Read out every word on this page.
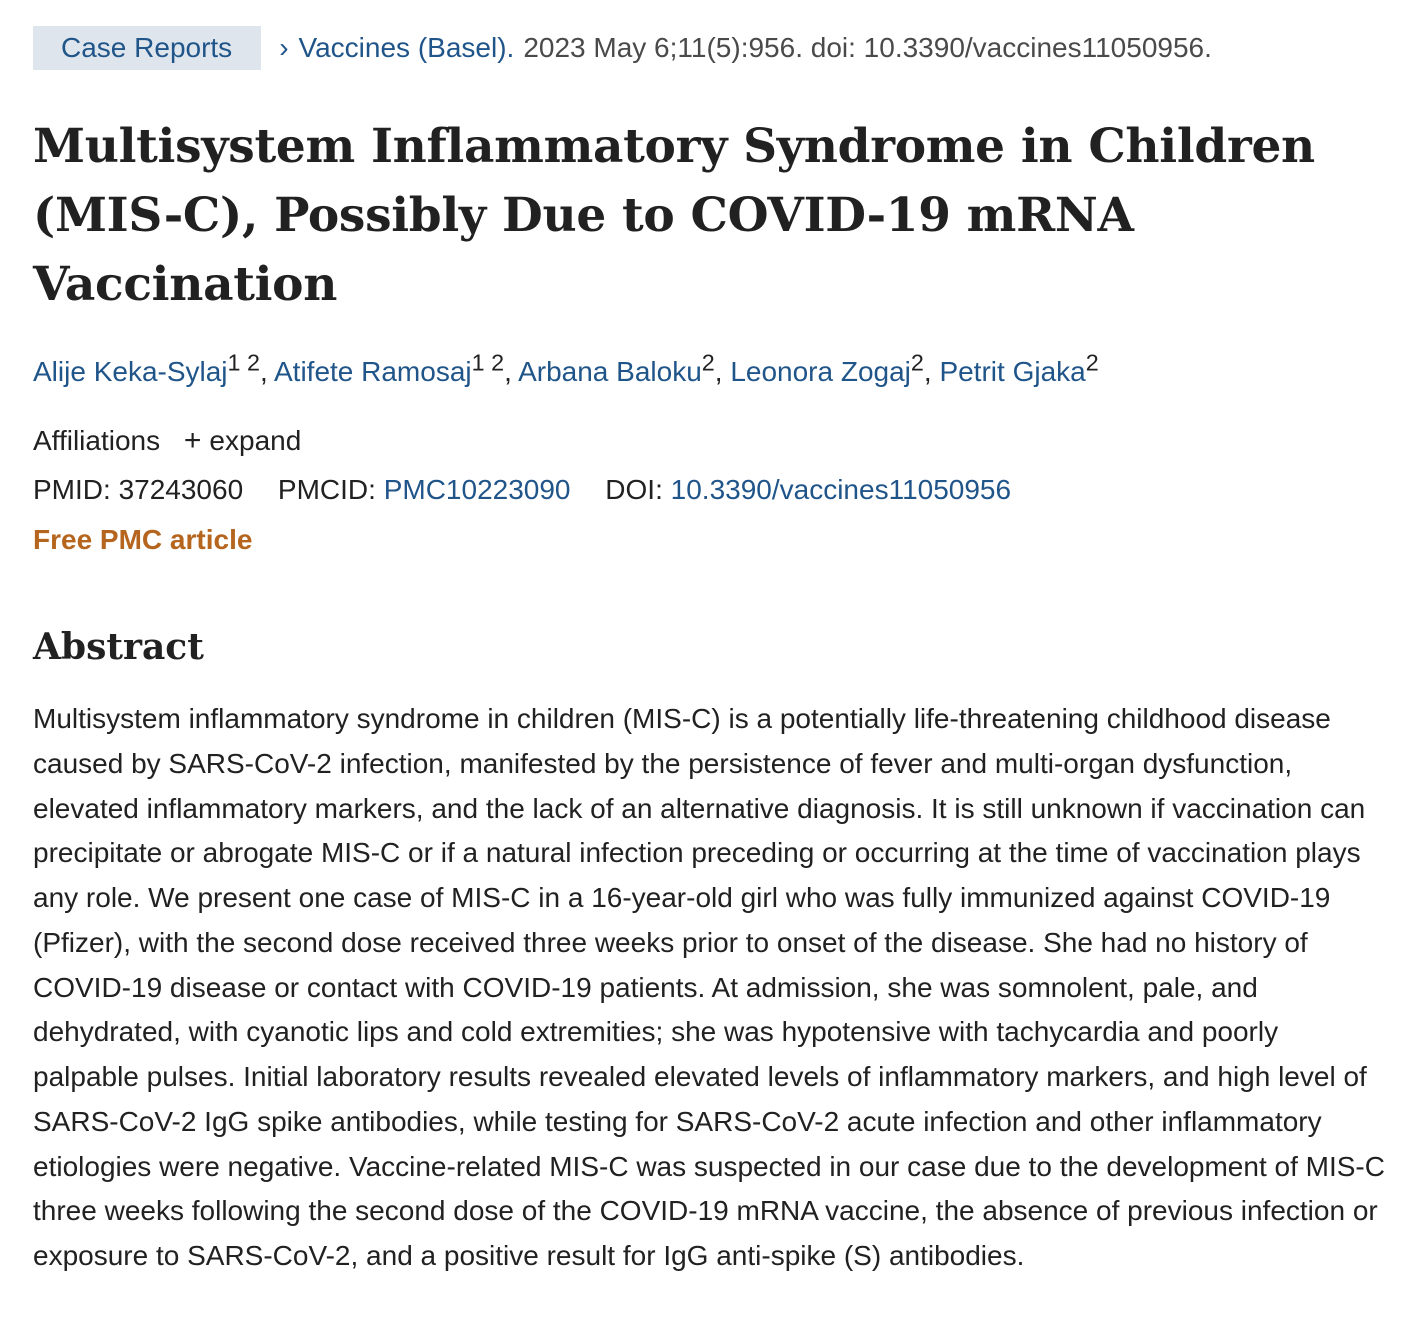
Case Reports	› Vaccines (Basel). 2023 May 6;11(5):956. doi: 10.3390/vaccines11050956.
Multisystem Inflammatory Syndrome in Children (MIS-C), Possibly Due to COVID-19 mRNA Vaccination
Alije Keka-Sylaj$^{1 2}$, Atifete Ramosaj$^{1 2}$, Arbana Baloku$^2$, Leonora Zogaj$^2$, Petrit Gjaka$^2$
Affiliations + expand
PMID: 37243060 PMCID: PMC10223090 DOI: 10.3390/vaccines11050956
Free PMC article
Abstract

Multisystem inflammatory syndrome in children (MIS-C) is a potentially life-threatening childhood disease caused by SARS-CoV-2 infection, manifested by the persistence of fever and multi-organ dysfunction, elevated inflammatory markers, and the lack of an alternative diagnosis. It is still unknown if vaccination can precipitate or abrogate MIS-C or if a natural infection preceding or occurring at the time of vaccination plays any role. We present one case of MIS-C in a 16-year-old girl who was fully immunized against COVID-19 (Pfizer), with the second dose received three weeks prior to onset of the disease. She had no history of COVID-19 disease or contact with COVID-19 patients. At admission, she was somnolent, pale, and dehydrated, with cyanotic lips and cold extremities; she was hypotensive with tachycardia and poorly palpable pulses. Initial laboratory results revealed elevated levels of inflammatory markers, and high level of SARS-CoV-2 IgG spike antibodies, while testing for SARS-CoV-2 acute infection and other inflammatory etiologies were negative. Vaccine-related MIS-C was suspected in our case due to the development of MIS-C three weeks following the second dose of the COVID-19 mRNA vaccine, the absence of previous infection or exposure to SARS-CoV-2, and a positive result for IgG anti-spike (S) antibodies.
